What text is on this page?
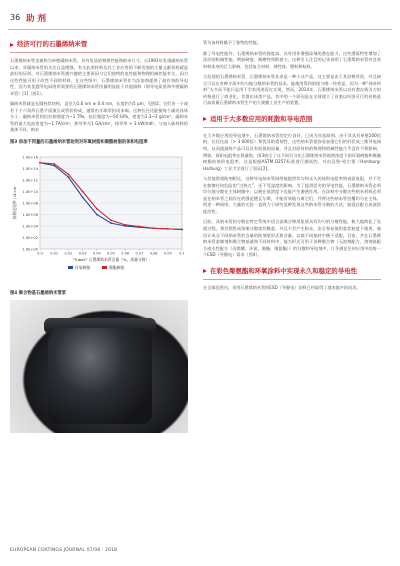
36 助 剂
经济可行的石墨烯纳米管

石墨烯纳米管也被称为单壁碳纳米管，具有优异的物理性能和纳米尺寸。自1991年发现碳纳米管以来，对碳纳米管的关注日益增强，有关此类材料及其工业应用的不断发展的大量文献资料就是最好的证明。对石墨烯纳米管感兴趣的主要原因与它们独特的电性能和物理机械性能有关，因为这些性能可用于改性不同的材料，在这些级中，石墨烯纳米管作为添加剂提供了最有效的导电性，因为其优越导电网络所需要的石墨烯纳米管用量明显低于其他填料（如导电炭黑和多壁碳纳米管）[1]（图1）。

碳纳米管就是长圆柱状结构，直径为1.6 nm ± 0.4 nm，长度约为5 μm，见图2。它们由一个或若干个六角形石墨平面滚压成管状构成，通常由半球形封闭末端。这种长径比能使每个碳亮丝体分子。碳纳米管的抗拉伸强度为~1 TPa，抗拉强度为~50 GPa，密度为1.3~2 g/cm³。碳纳米管的最大电流密度为~1 TA/cm²，热导率为1 GA/cm²，热导率 > 3 kW/mK²，与加入新材料的基体不同，纳米

图3 添加不同量的石墨烯纳米管助剂对环氧树脂和聚酯树脂的体积电阻率
1.0E+00
1.0E+02
1.0E+04
1.0E+06
1.0E+08
1.0E+10
1.0E+12
1.0E+14
1.0E+16
0.0 0.01 0.02 0.03 0.04 0.05 0.06 0.07 0.08 0.09 0.1
体积电阻率 / Ω·cm
“Tuball” 石墨烯纳米管含量（%，质量分数）
环氧树脂	聚酯树脂
图4 聚合物基石墨烯纳米管浆

管为该材料赋予了独特的性能。

除了导电性能外，石墨烯纳米管的强度高，具有用作增强添剂的潜在能力，这些潜质特性增加了涂层的机械性能，例如硬度、耐磨性和附着力，这种引人注目的记录表明了石墨烯纳米管对各类材料本身的巨大影响，包括复合材料、弹性体、塑料和粘料。

与发现的石墨烯纳米管，石墨烯纳米管从来是一种小众产品，这主要是由于其价格昂贵，并且缺乏可以在有种介质中均匀地分散纳米管的技术。能使用得到的现与唯一经营是，因为一种“神奇材料”太多而不能只是用于学术用途而在实现，然而，2014年，石墨烯纳米管以具有潜在吸引力的价格进行了商业化，其推出该类产品，其中的一个原因是在全球建立了首套以经济可行的价格进行高质量石墨烯纳米管生产的大规模工业生产的装置。

适用于大多数应用的耗散和导电范围

在大多数应用的导电剂中，石墨烯纳米管的定位良好，已成为首选助剂。由于其具有单壁200倍粉，长径比高（> 3 000倍）和优异的柔韧性，这些纳米管很容易加强它们的形状成三维导电网络，从而使最终产品可以具有较低的添量，并且对原材料的物理和机械性能几乎没有不利影响，例如，体积电阻率在数量级，图3展示了在不同百分比石墨烯纳米管助剂浓度下的环氧树脂和聚酯树脂的体积电阻率，这是根据ASTM D257标准进行测试的，并由汉堡-哈尔堡（Hamburg-Harburg）工业大学进行了验证[2]。

与其他常规助剂相比，这种导电纳米管网络能提供均匀和永久的体积电阻率和表面电阻，并不会在如擦任何危险的“过热点”，还不受湿度的影响，为了提供恶劣的导电性能，石墨烯纳米管必须均匀地分散在主体树脂中，以便在低浓度下也能产生渗透作用。在涂料中分散这些纳米材料必须是在纳米管之间存在的强范德瓦尔斯，才能有效地分离它们，并将这些纳米管包覆均匀在主体，所述一种网络，大量的实验一直致力于研究某种发现这些纳米管分散的方法，如混仓配合成液浓度改性。

目前，具纳米管的分散在特定系统中适合高聚合物用浆质具有均匀的分散性能，极大地简化了处理过程，将其销售成浓缩分散浆均稀浆，并且不会产生粉末，安全和易使用浆状粘度下使用，被设计成含不同纳米管的含量的助剂浆形式和含量，以使不同基材中便于适配，目前，共在石墨烯纳米管浆制剂和聚合物基液和不同材料中，能为形式可用于各种聚合物（无溶剂配方，溶剂基配方或水性配方（丙烯酸、环氧、聚酯、聚氨酯））的分散和导电剂中，几乎满足任何应用中的每一个ESD（导静电）需求（图4）。

在彩色聚氨酯和环氧涂料中实现永久和稳定的导电性

在全球范围内，采用石墨烯纳米管的ESD（导静电）涂料已经取得了越来越多的成功。

EUROPEAN COATINGS JOURNAL 07/08 · 2018
